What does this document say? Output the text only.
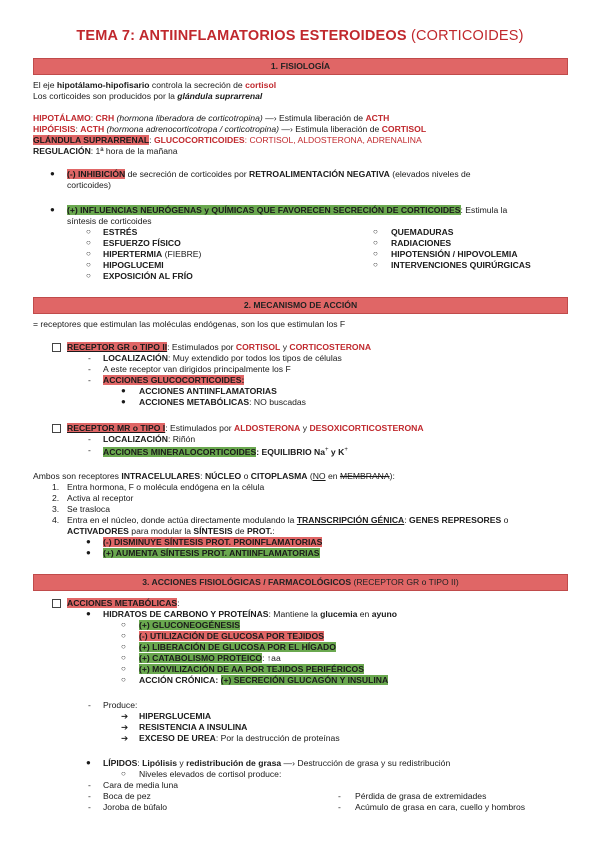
TEMA 7: ANTIINFLAMATORIOS ESTEROIDEOS (CORTICOIDES)
1. FISIOLOGÍA
El eje hipotálamo-hipofisario controla la secreción de cortisol
Los corticoides son producidos por la glándula suprarrenal
HIPOTÁLAMO: CRH (hormona liberadora de corticotropina) —› Estimula liberación de ACTH
HIPÓFISIS: ACTH (hormona adrenocorticotropa / corticotropina) —› Estimula liberación de CORTISOL
GLÁNDULA SUPRARRENAL: GLUCOCORTICOIDES: CORTISOL, ALDOSTERONA, ADRENALINA
REGULACIÓN: 1ª hora de la mañana
● (-) INHIBICIÓN de secreción de corticoides por RETROALIMENTACIÓN NEGATIVA (elevados niveles de
corticoides)
● (+) INFLUENCIAS NEURÓGENAS y QUÍMICAS QUE FAVORECEN SECRECIÓN DE CORTICOIDES: Estimula la
síntesis de corticoides
○ ESTRÉS
○ ESFUERZO FÍSICO
○ HIPERTERMIA (FIEBRE)
○ HIPOGLUCEMI
○ EXPOSICIÓN AL FRÍO
○ QUEMADURAS
○ RADIACIONES
○ HIPOTENSIÓN / HIPOVOLEMIA
○ INTERVENCIONES QUIRÚRGICAS
2. MECANISMO DE ACCIÓN
= receptores que estimulan las moléculas endógenas, son los que estimulan los F
RECEPTOR GR o TIPO II: Estimulados por CORTISOL y CORTICOSTERONA
- LOCALIZACIÓN: Muy extendido por todos los tipos de células
- A este receptor van dirigidos principalmente los F
- ACCIONES GLUCOCORTICOIDES:
● ACCIONES ANTIINFLAMATORIAS
● ACCIONES METABÓLICAS: NO buscadas
RECEPTOR MR o TIPO I: Estimulados por ALDOSTERONA y DESOXICORTICOSTERONA
- LOCALIZACIÓN: Riñón
- ACCIONES MINERALOCORTICOIDES: EQUILIBRIO Na+ y K+
Ambos son receptores INTRACELULARES: NÚCLEO o CITOPLASMA (NO en MEMBRANA):
1. Entra hormona, F o molécula endógena en la célula
2. Activa al receptor
3. Se trasloca
4. Entra en el núcleo, donde actúa directamente modulando la TRANSCRIPCIÓN GÉNICA: GENES REPRESORES o
ACTIVADORES para modular la SÍNTESIS de PROT.:
● (-) DISMINUYE SÍNTESIS PROT. PROINFLAMATORIAS
● (+) AUMENTA SÍNTESIS PROT. ANTIINFLAMATORIAS
3. ACCIONES FISIOLÓGICAS / FARMACOLÓGICOS (RECEPTOR GR o TIPO II)
ACCIONES METABÓLICAS:
● HIDRATOS DE CARBONO Y PROTEÍNAS: Mantiene la glucemia en ayuno
○ (+) GLUCONEOGÉNESIS
○ (-) UTILIZACIÓN DE GLUCOSA POR TEJIDOS
○ (+) LIBERACIÓN DE GLUCOSA POR EL HÍGADO
○ (+) CATABOLISMO PROTEICO: ↑aa
○ (+) MOVILIZACIÓN DE AA POR TEJIDOS PERIFÉRICOS
○ ACCIÓN CRÓNICA: (+) SECRECIÓN GLUCAGÓN Y INSULINA
- Produce:
➔ HIPERGLUCEMIA
➔ RESISTENCIA A INSULINA
➔ EXCESO DE UREA: Por la destrucción de proteínas
● LÍPIDOS: Lipólisis y redistribución de grasa —› Destrucción de grasa y su redistribución
○ Niveles elevados de cortisol produce:
- Cara de media luna
- Boca de pez
- Joroba de búfalo
- Pérdida de grasa de extremidades
- Acúmulo de grasa en cara, cuello y hombros
